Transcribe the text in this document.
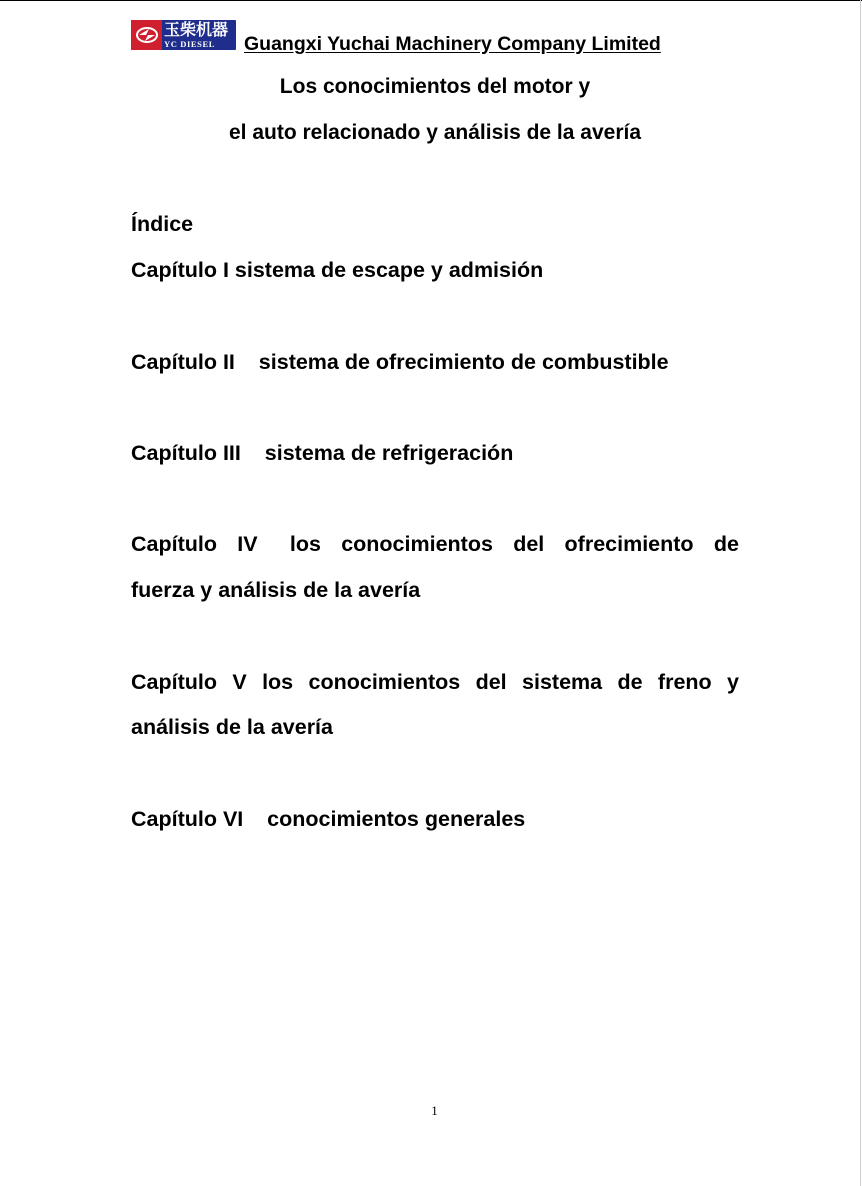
玉柴机器
YC DIESEL Guangxi Yuchai Machinery Company Limited
Los conocimientos del motor y
el auto relacionado y análisis de la avería
Índice
Capítulo I sistema de escape y admisión
Capítulo II    sistema de ofrecimiento de combustible
Capítulo III    sistema de refrigeración
Capítulo IV los conocimientos del ofrecimiento de
fuerza y análisis de la avería
Capítulo V los conocimientos del sistema de freno y
análisis de la avería
Capítulo VI    conocimientos generales
1
